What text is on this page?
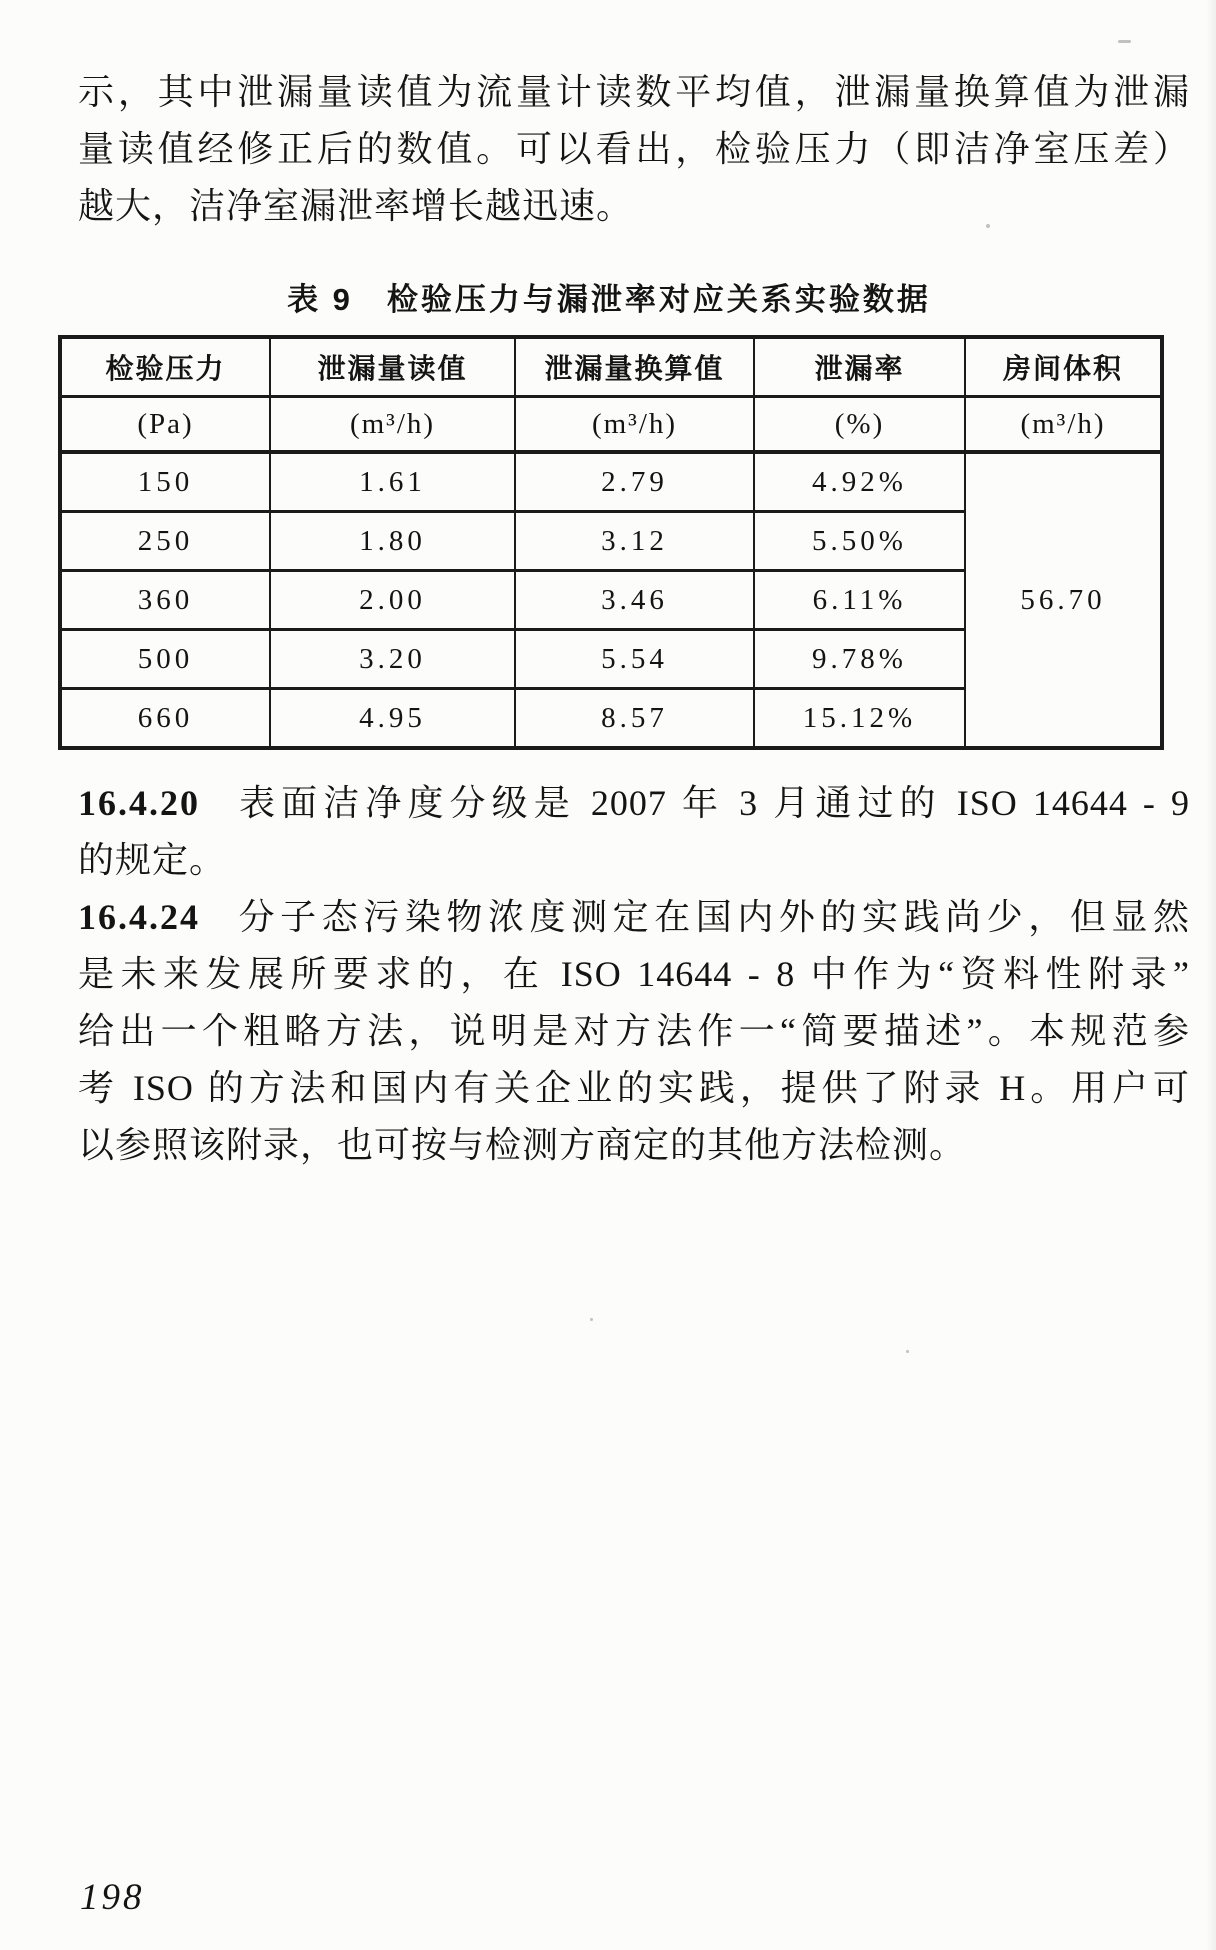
示，其中泄漏量读值为流量计读数平均值，泄漏量换算值为泄漏
量读值经修正后的数值。可以看出，检验压力（即洁净室压差）
越大，洁净室漏泄率增长越迅速。
表 9　检验压力与漏泄率对应关系实验数据
检验压力	泄漏量读值	泄漏量换算值	泄漏率	房间体积
(Pa)	(m³/h)	(m³/h)	(%)	(m³/h)
150	1.61	2.79	4.92%	56.70
250	1.80	3.12	5.50%	
360	2.00	3.46	6.11%	
500	3.20	5.54	9.78%	
660	4.95	8.57	15.12%	
16.4.20 表面洁净度分级是 2007 年 3 月通过的 ISO 14644 - 9
的规定。
16.4.24 分子态污染物浓度测定在国内外的实践尚少，但显然
是未来发展所要求的，在 ISO 14644 - 8 中作为“资料性附录”
给出一个粗略方法，说明是对方法作一“简要描述”。本规范参
考 ISO 的方法和国内有关企业的实践，提供了附录 H。用户可
以参照该附录，也可按与检测方商定的其他方法检测。
198
